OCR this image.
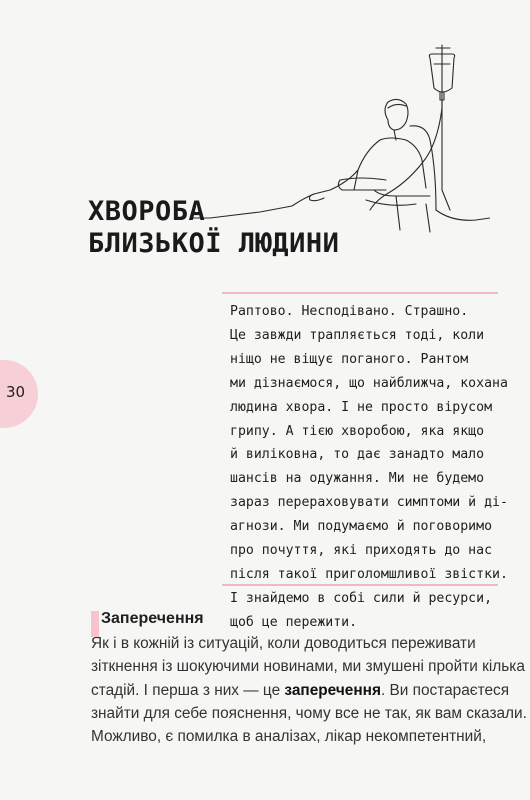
ХВОРОБА
БЛИЗЬКОЇ ЛЮДИНИ
30
Раптово. Несподівано. Страшно.
Це завжди трапляється тоді, коли
ніщо не віщує поганого. Рантом
ми дізнаємося, що найближча, кохана
людина хвора. І не просто вірусом
грипу. А тією хворобою, яка якщо
й виліковна, то дає занадто мало
шансів на одужання. Ми не будемо
зараз перераховувати симптоми й ді-
агнози. Ми подумаємо й поговоримо
про почуття, які приходять до нас
після такої приголомшливої звістки.
І знайдемо в собі сили й ресурси,
щоб це пережити.
Заперечення
Як і в кожній із ситуацій, коли доводиться переживати
зіткнення із шокуючими новинами, ми змушені пройти кілька
стадій. І перша з них — це заперечення. Ви постараєтеся
знайти для себе пояснення, чому все не так, як вам сказали.
Можливо, є помилка в аналізах, лікар некомпетентний,
